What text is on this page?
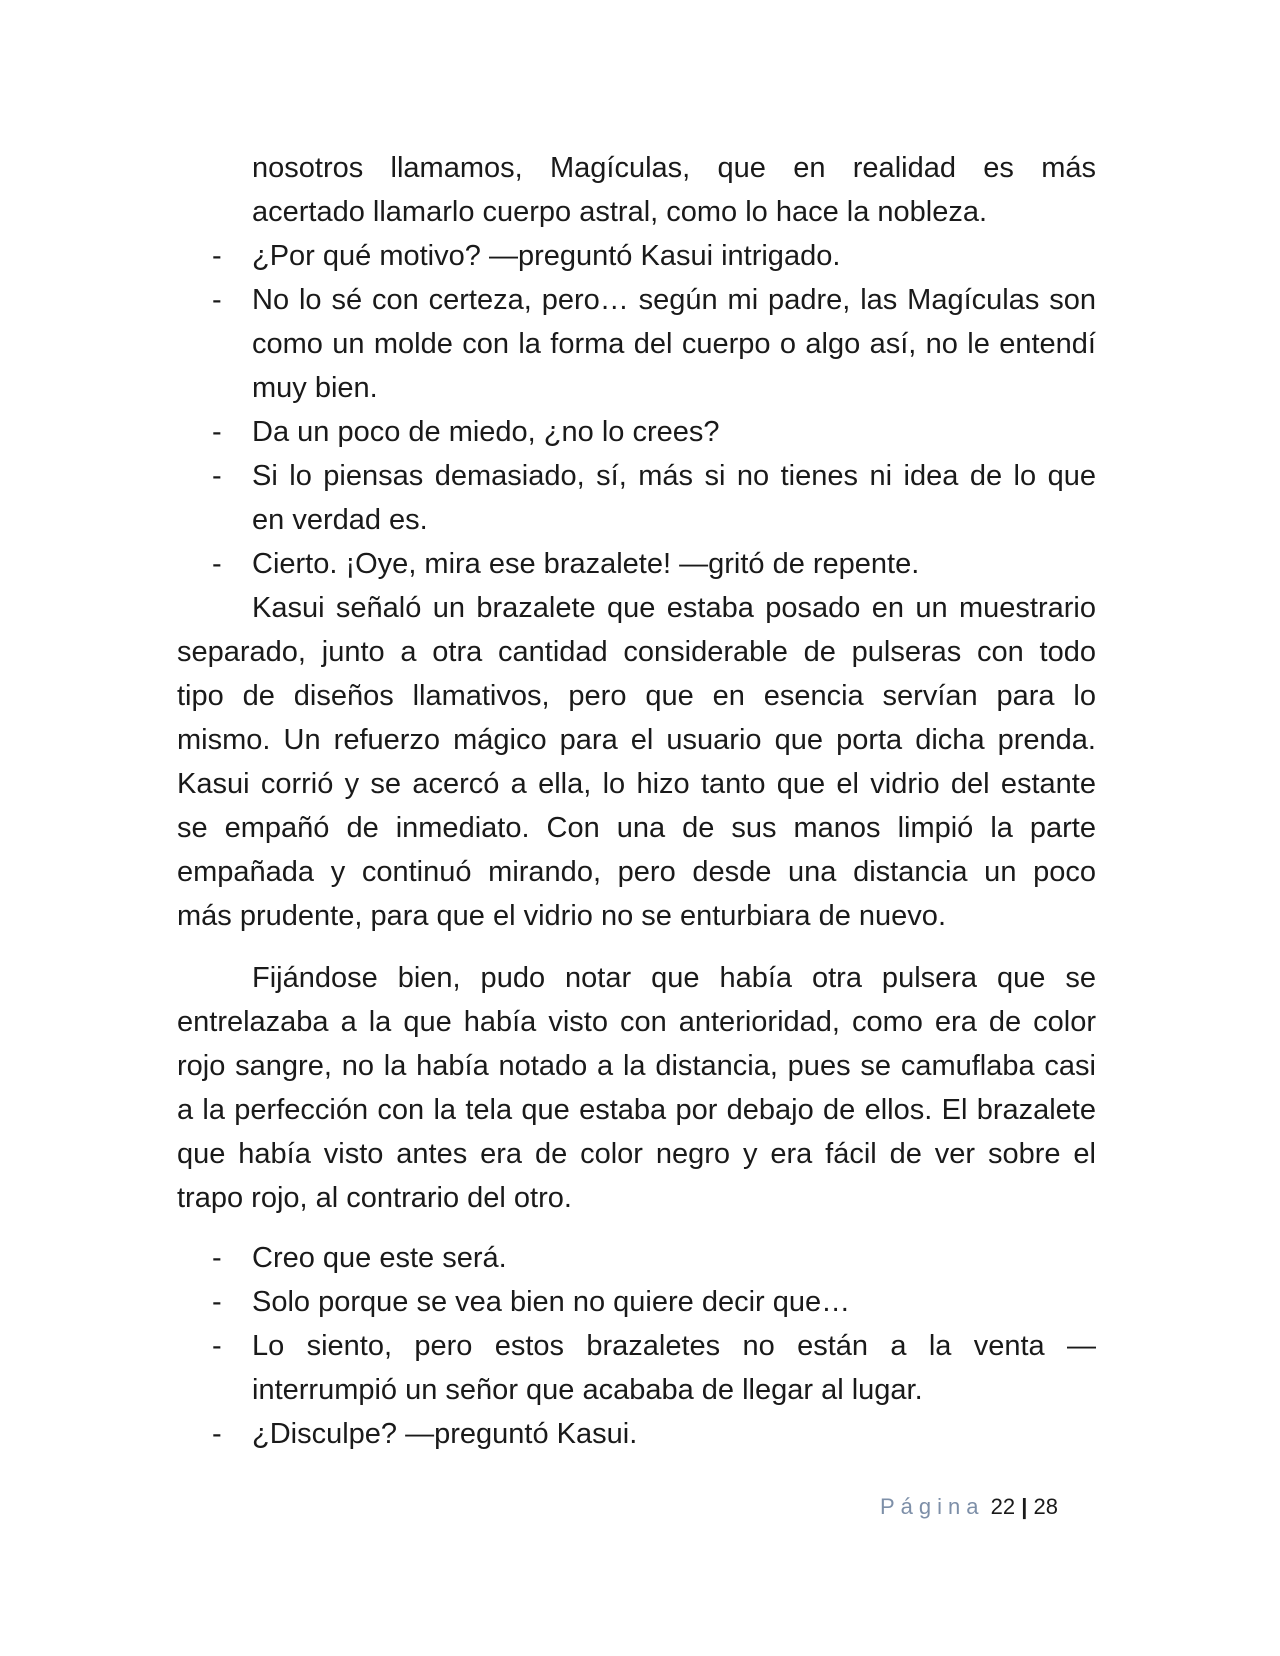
nosotros llamamos, Magículas, que en realidad es más
acertado llamarlo cuerpo astral, como lo hace la nobleza.
- ¿Por qué motivo? —preguntó Kasui intrigado.
- No lo sé con certeza, pero… según mi padre, las Magículas son
como un molde con la forma del cuerpo o algo así, no le entendí
muy bien.
- Da un poco de miedo, ¿no lo crees?
- Si lo piensas demasiado, sí, más si no tienes ni idea de lo que
en verdad es.
- Cierto. ¡Oye, mira ese brazalete! —gritó de repente.
Kasui señaló un brazalete que estaba posado en un muestrario
separado, junto a otra cantidad considerable de pulseras con todo
tipo de diseños llamativos, pero que en esencia servían para lo
mismo. Un refuerzo mágico para el usuario que porta dicha prenda.
Kasui corrió y se acercó a ella, lo hizo tanto que el vidrio del estante
se empañó de inmediato. Con una de sus manos limpió la parte
empañada y continuó mirando, pero desde una distancia un poco
más prudente, para que el vidrio no se enturbiara de nuevo.
Fijándose bien, pudo notar que había otra pulsera que se
entrelazaba a la que había visto con anterioridad, como era de color
rojo sangre, no la había notado a la distancia, pues se camuflaba casi
a la perfección con la tela que estaba por debajo de ellos. El brazalete
que había visto antes era de color negro y era fácil de ver sobre el
trapo rojo, al contrario del otro.
- Creo que este será.
- Solo porque se vea bien no quiere decir que…
- Lo siento, pero estos brazaletes no están a la venta —
interrumpió un señor que acababa de llegar al lugar.
- ¿Disculpe? —preguntó Kasui.
Página 22 | 28
